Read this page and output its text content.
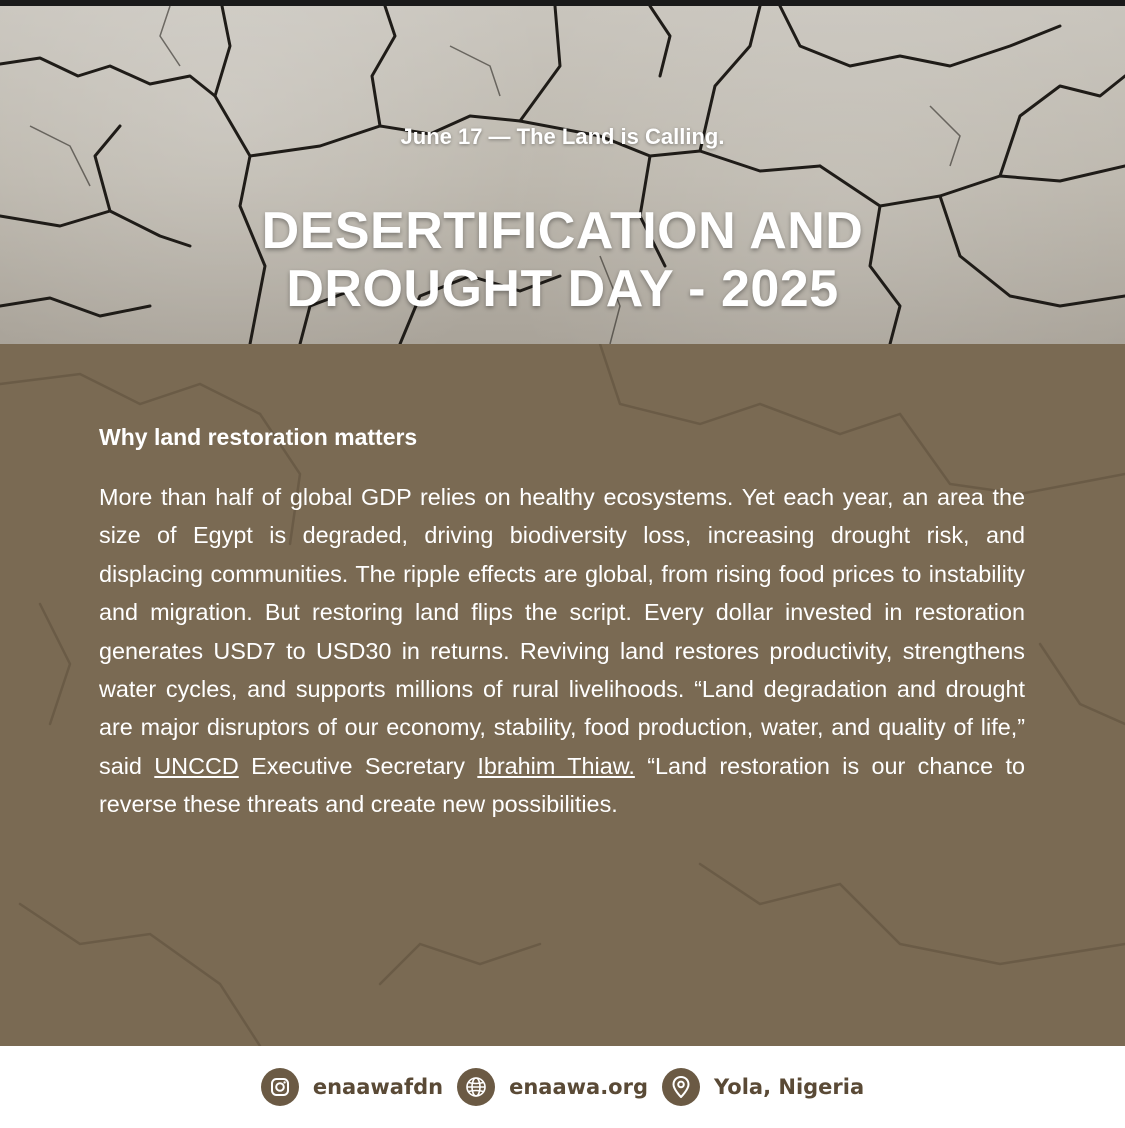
June 17 — The Land is Calling.
DESERTIFICATION AND
DROUGHT DAY - 2025
Why land restoration matters
More than half of global GDP relies on healthy ecosystems. Yet each year, an area the size of Egypt is degraded, driving biodiversity loss, increasing drought risk, and displacing communities. The ripple effects are global, from rising food prices to instability and migration. But restoring land flips the script. Every dollar invested in restoration generates USD7 to USD30 in returns. Reviving land restores productivity, strengthens water cycles, and supports millions of rural livelihoods. “Land degradation and drought are major disruptors of our economy, stability, food production, water, and quality of life,” said UNCCD Executive Secretary Ibrahim Thiaw. “Land restoration is our chance to reverse these threats and create new possibilities.
enaawafdn	enaawa.org	Yola, Nigeria
